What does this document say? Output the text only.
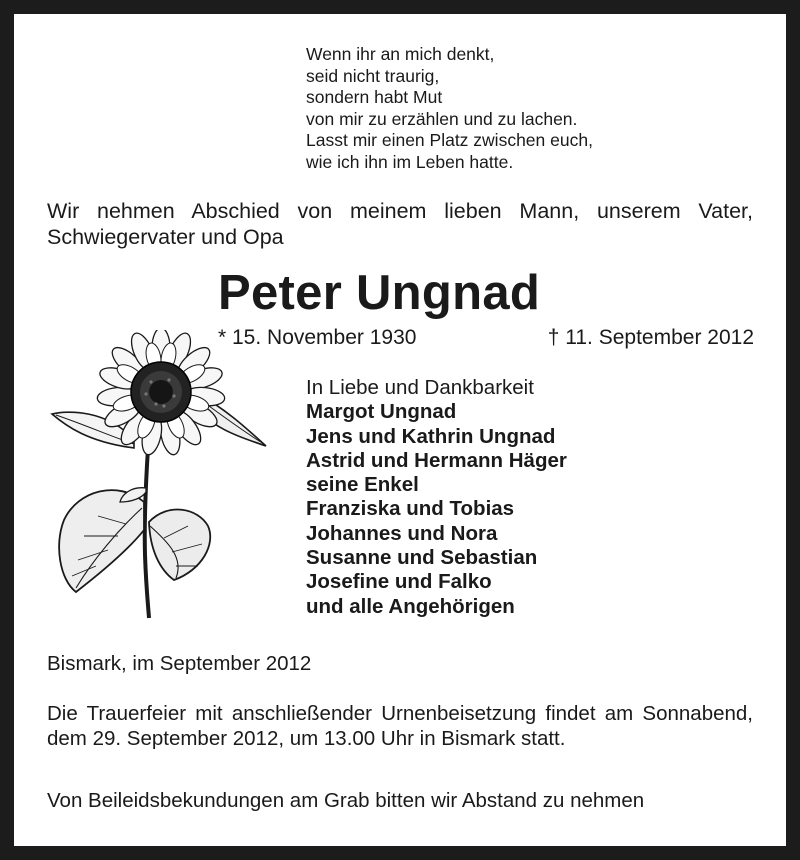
Wenn ihr an mich denkt,
seid nicht traurig,
sondern habt Mut
von mir zu erzählen und zu lachen.
Lasst mir einen Platz zwischen euch,
wie ich ihn im Leben hatte.
Wir nehmen Abschied von meinem lieben Mann, unserem Vater, Schwiegervater und Opa
Peter Ungnad
* 15. November 1930	† 11. September 2012
In Liebe und Dankbarkeit
Margot Ungnad
Jens und Kathrin Ungnad
Astrid und Hermann Häger
seine Enkel
Franziska und Tobias
Johannes und Nora
Susanne und Sebastian
Josefine und Falko
und alle Angehörigen
Bismark, im September 2012
Die Trauerfeier mit anschließender Urnenbeisetzung findet am Sonnabend, dem 29. September 2012, um 13.00 Uhr in Bismark statt.
Von Beileidsbekundungen am Grab bitten wir Abstand zu nehmen
